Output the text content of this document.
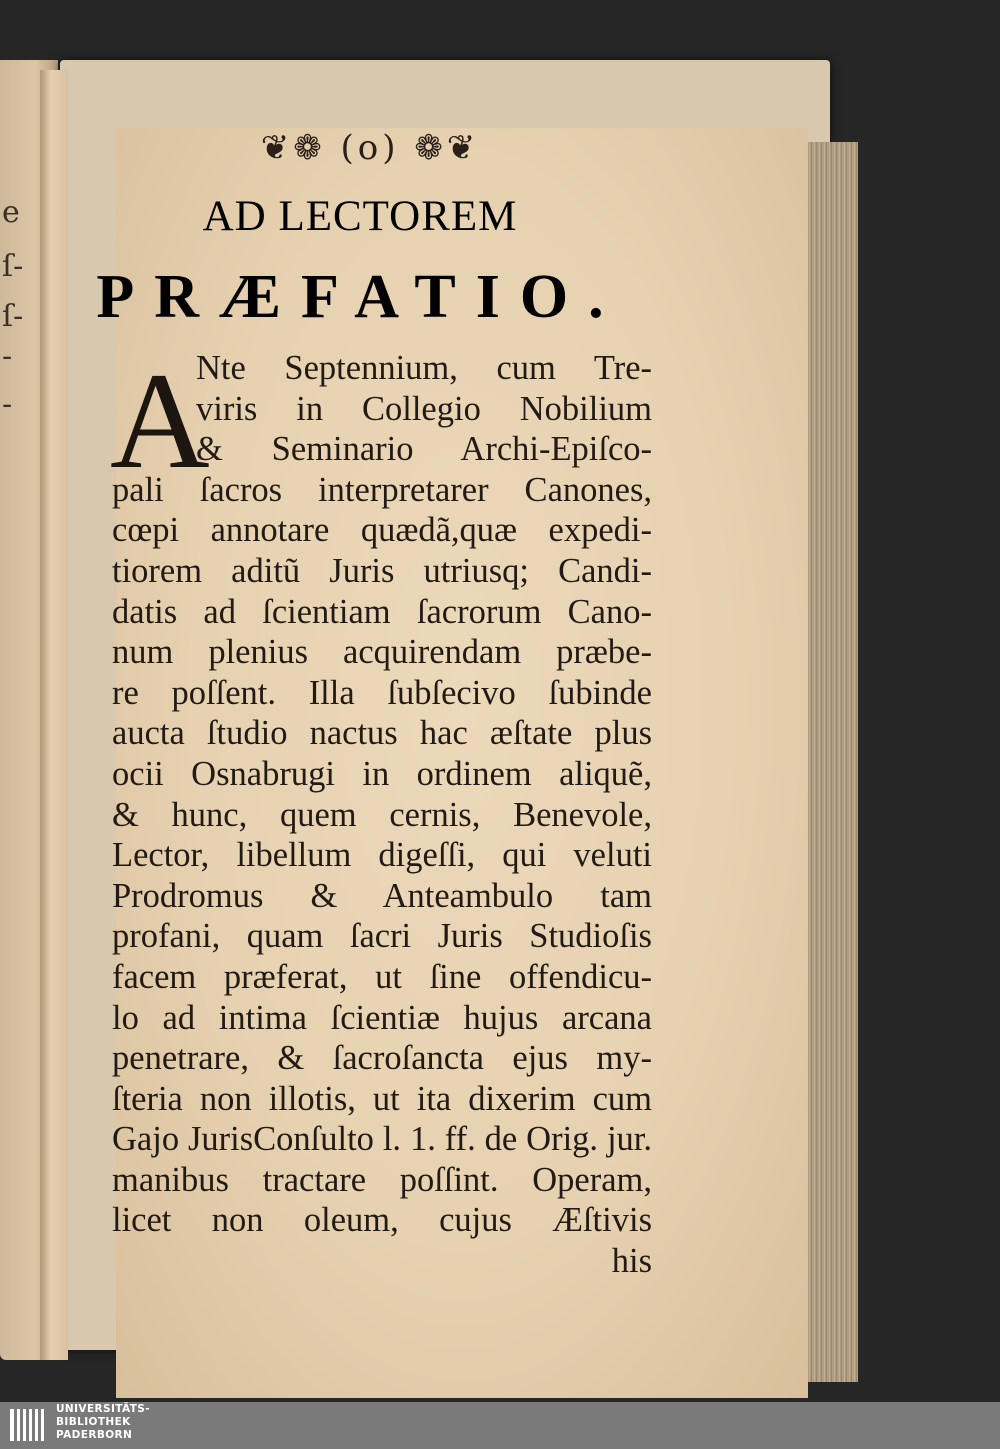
e
ſ-
ſ-
-
-
❦❁ (o) ❁❦
AD LECTOREM
PRÆFATIO.
A
Nte Septennium, cum Tre-
viris in Collegio Nobilium
& Seminario Archi-Epiſco-
pali ſacros interpretarer Canones,
cœpi annotare quædã,quæ expedi-
tiorem aditũ Juris utriusq; Candi-
datis ad ſcientiam ſacrorum Cano-
num plenius acquirendam præbe-
re poſſent. Illa ſubſecivo ſubinde
aucta ſtudio nactus hac æſtate plus
ocii Osnabrugi in ordinem aliquẽ,
& hunc, quem cernis, Benevole,
Lector, libellum digeſſi, qui veluti
Prodromus & Anteambulo tam
profani, quam ſacri Juris Studioſis
facem præferat, ut ſine offendicu-
lo ad intima ſcientiæ hujus arcana
penetrare, & ſacroſancta ejus my-
ſteria non illotis, ut ita dixerim cum
Gajo JurisConſulto l. 1. ff. de Orig. jur.
manibus tractare poſſint. Operam,
licet non oleum, cujus Æſtivis
his
UNIVERSITÄTS-
BIBLIOTHEK
PADERBORN
